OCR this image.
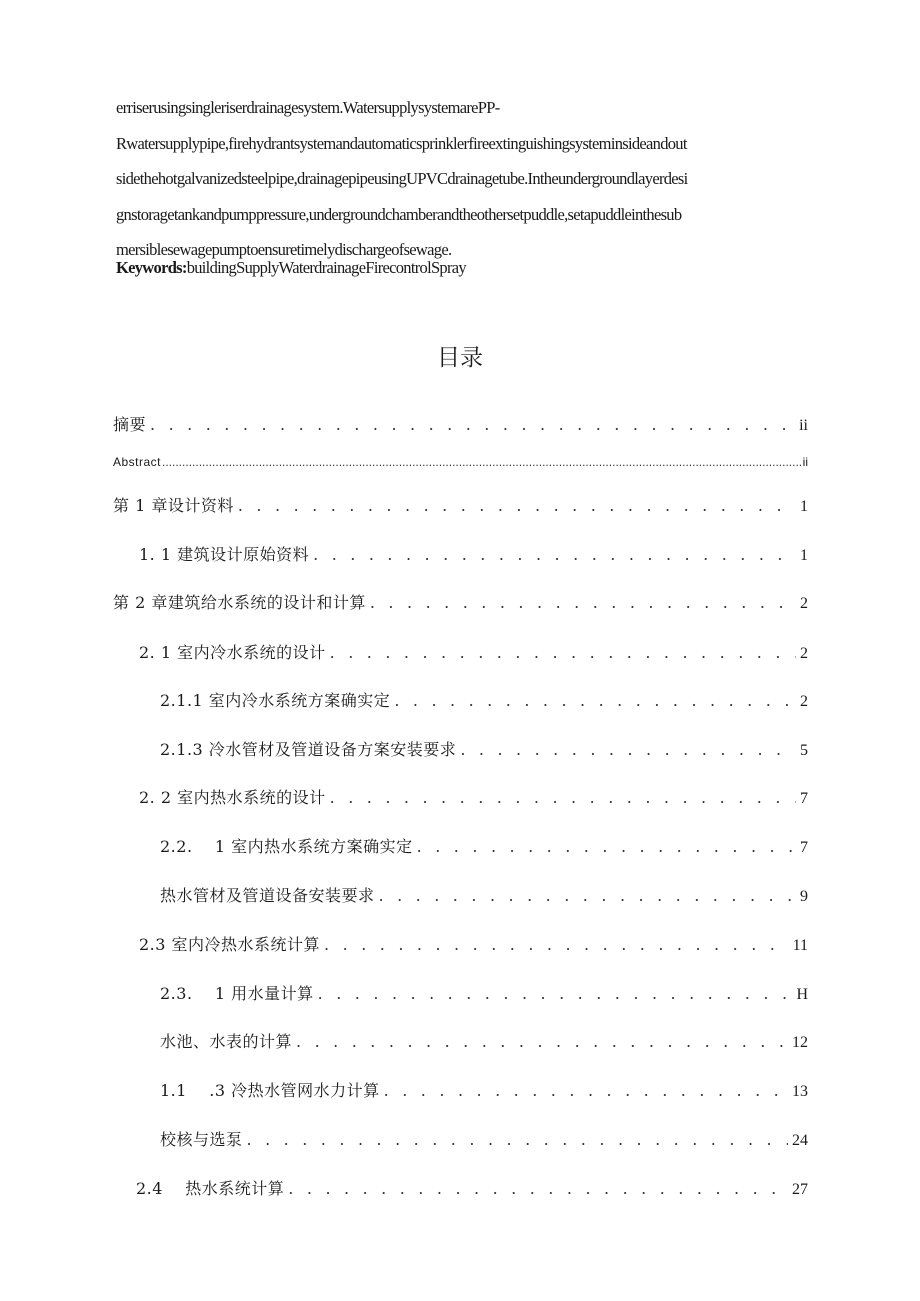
erriserusingsingleriserdrainagesystem.WatersupplysystemarePP-
Rwatersupplypipe,firehydrantsystemandautomaticsprinklerfireextinguishingsysteminsideandout
sidethehotgalvanizedsteelpipe,drainagepipeusingUPVCdrainagetube.Intheundergroundlayerdesi
gnstoragetankandpumppressure,undergroundchamberandtheothersetpuddle,setapuddleinthesub
mersiblesewagepumptoensuretimelydischargeofsewage.
Keywords:buildingSupplyWaterdrainageFirecontrolSpray
目录
摘要 . . .	ii
Abstract .....	ii
第 1 章设计资料 . . .	1
1. 1 建筑设计原始资料 . . .	1
第 2 章建筑给水系统的设计和计算 . . .	2
2. 1 室内冷水系统的设计 . . .	2
2.1.1 室内冷水系统方案确实定 . . .	2
2.1.3 冷水管材及管道设备方案安装要求 . . .	5
2. 2 室内热水系统的设计 . . .	7
2.2.    1 室内热水系统方案确实定 . . .	7
热水管材及管道设备安装要求 . . .	9
2.3 室内冷热水系统计算 . . .	11
2.3.    1 用水量计算 . . .	H
水池、水表的计算 . . .	12
1.1    .3 冷热水管网水力计算 . . .	13
校核与选泵 . . .	24
2.4    热水系统计算 . . .	27
